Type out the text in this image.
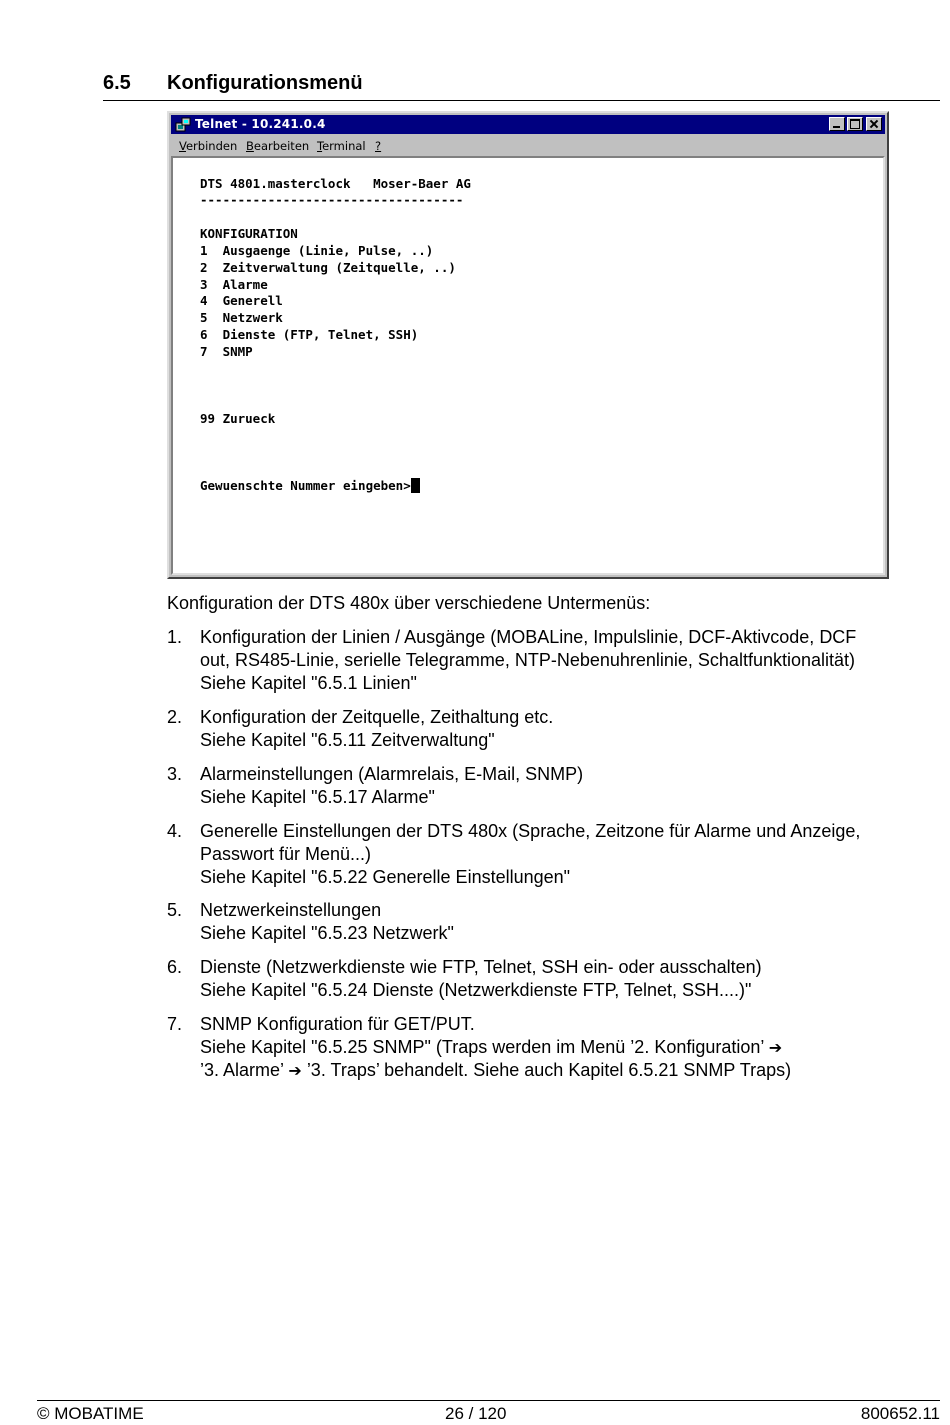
6.5 Konfigurationsmenü
Telnet - 10.241.0.4
Verbinden Bearbeiten Terminal ?
DTS 4801.masterclock   Moser-Baer AG
-----------------------------------
KONFIGURATION
1  Ausgaenge (Linie, Pulse, ..)
2  Zeitverwaltung (Zeitquelle, ..)
3  Alarme
4  Generell
5  Netzwerk
6  Dienste (FTP, Telnet, SSH)
7  SNMP
99 Zurueck
Gewuenschte Nummer eingeben>
Konfiguration der DTS 480x über verschiedene Untermenüs:
1. Konfiguration der Linien / Ausgänge (MOBALine, Impulslinie, DCF-Aktivcode, DCF
out, RS485-Linie, serielle Telegramme, NTP-Nebenuhrenlinie, Schaltfunktionalität)
Siehe Kapitel "6.5.1 Linien"
2. Konfiguration der Zeitquelle, Zeithaltung etc.
Siehe Kapitel "6.5.11 Zeitverwaltung"
3. Alarmeinstellungen (Alarmrelais, E-Mail, SNMP)
Siehe Kapitel "6.5.17 Alarme"
4. Generelle Einstellungen der DTS 480x (Sprache, Zeitzone für Alarme und Anzeige,
Passwort für Menü...)
Siehe Kapitel "6.5.22 Generelle Einstellungen"
5. Netzwerkeinstellungen
Siehe Kapitel "6.5.23 Netzwerk"
6. Dienste (Netzwerkdienste wie FTP, Telnet, SSH ein- oder ausschalten)
Siehe Kapitel "6.5.24 Dienste (Netzwerkdienste FTP, Telnet, SSH....)"
7. SNMP Konfiguration für GET/PUT.
Siehe Kapitel "6.5.25 SNMP" (Traps werden im Menü ’2. Konfiguration’ ➔
’3. Alarme’ ➔ ’3. Traps’ behandelt. Siehe auch Kapitel 6.5.21 SNMP Traps)
© MOBATIME	26 / 120	800652.11
